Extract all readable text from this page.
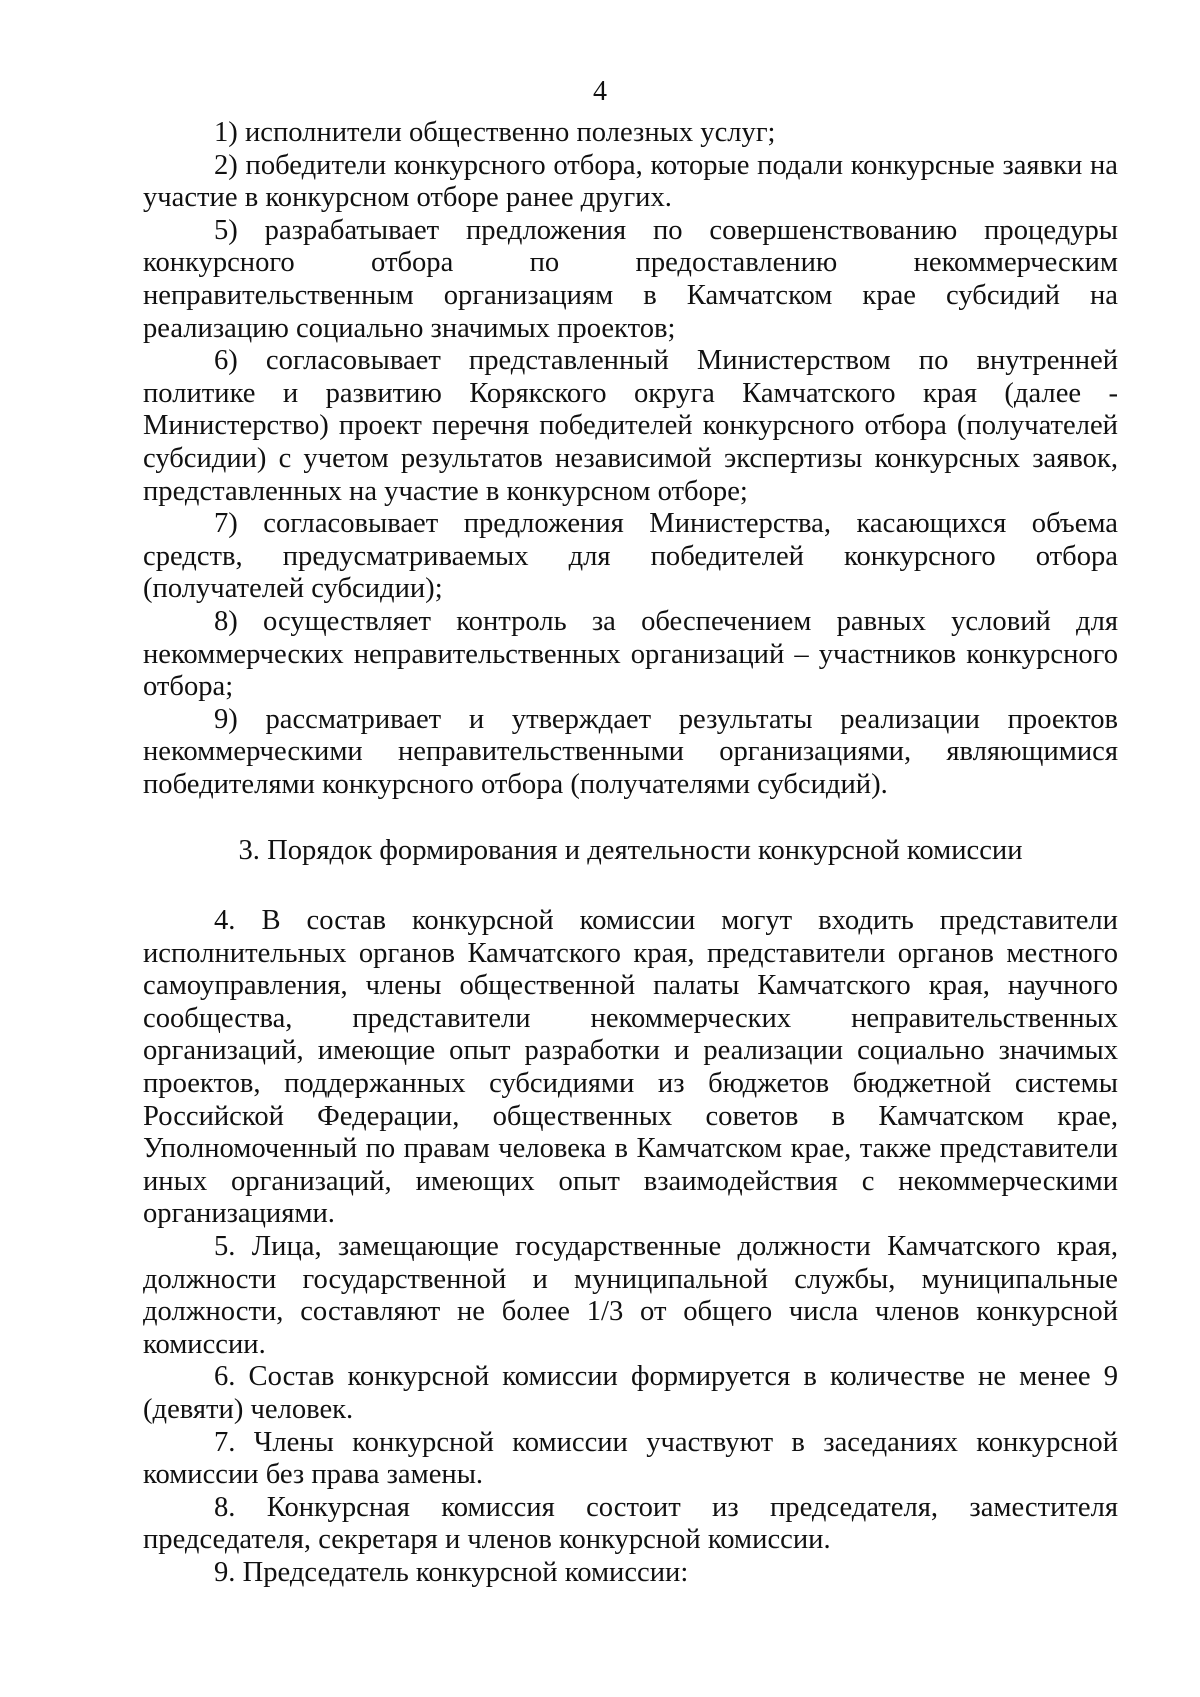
4

1) исполнители общественно полезных услуг;

2) победители конкурсного отбора, которые подали конкурсные заявки на участие в конкурсном отборе ранее других.

5) разрабатывает предложения по совершенствованию процедуры конкурсного отбора по предоставлению некоммерческим неправительственным организациям в Камчатском крае субсидий на реализацию социально значимых проектов;

6) согласовывает представленный Министерством по внутренней политике и развитию Корякского округа Камчатского края (далее - Министерство) проект перечня победителей конкурсного отбора (получателей субсидии) с учетом результатов независимой экспертизы конкурсных заявок, представленных на участие в конкурсном отборе;

7) согласовывает предложения Министерства, касающихся объема средств, предусматриваемых для победителей конкурсного отбора (получателей субсидии);

8) осуществляет контроль за обеспечением равных условий для некоммерческих неправительственных организаций – участников конкурсного отбора;

9) рассматривает и утверждает результаты реализации проектов некоммерческими неправительственными организациями, являющимися победителями конкурсного отбора (получателями субсидий).

3. Порядок формирования и деятельности конкурсной комиссии

4. В состав конкурсной комиссии могут входить представители исполнительных органов Камчатского края, представители органов местного самоуправления, члены общественной палаты Камчатского края, научного сообщества, представители некоммерческих неправительственных организаций, имеющие опыт разработки и реализации социально значимых проектов, поддержанных субсидиями из бюджетов бюджетной системы Российской Федерации, общественных советов в Камчатском крае, Уполномоченный по правам человека в Камчатском крае, также представители иных организаций, имеющих опыт взаимодействия с некоммерческими организациями.

5. Лица, замещающие государственные должности Камчатского края, должности государственной и муниципальной службы, муниципальные должности, составляют не более 1/3 от общего числа членов конкурсной комиссии.

6. Состав конкурсной комиссии формируется в количестве не менее 9 (девяти) человек.

7. Члены конкурсной комиссии участвуют в заседаниях конкурсной комиссии без права замены.

8. Конкурсная комиссия состоит из председателя, заместителя председателя, секретаря и членов конкурсной комиссии.

9. Председатель конкурсной комиссии:
